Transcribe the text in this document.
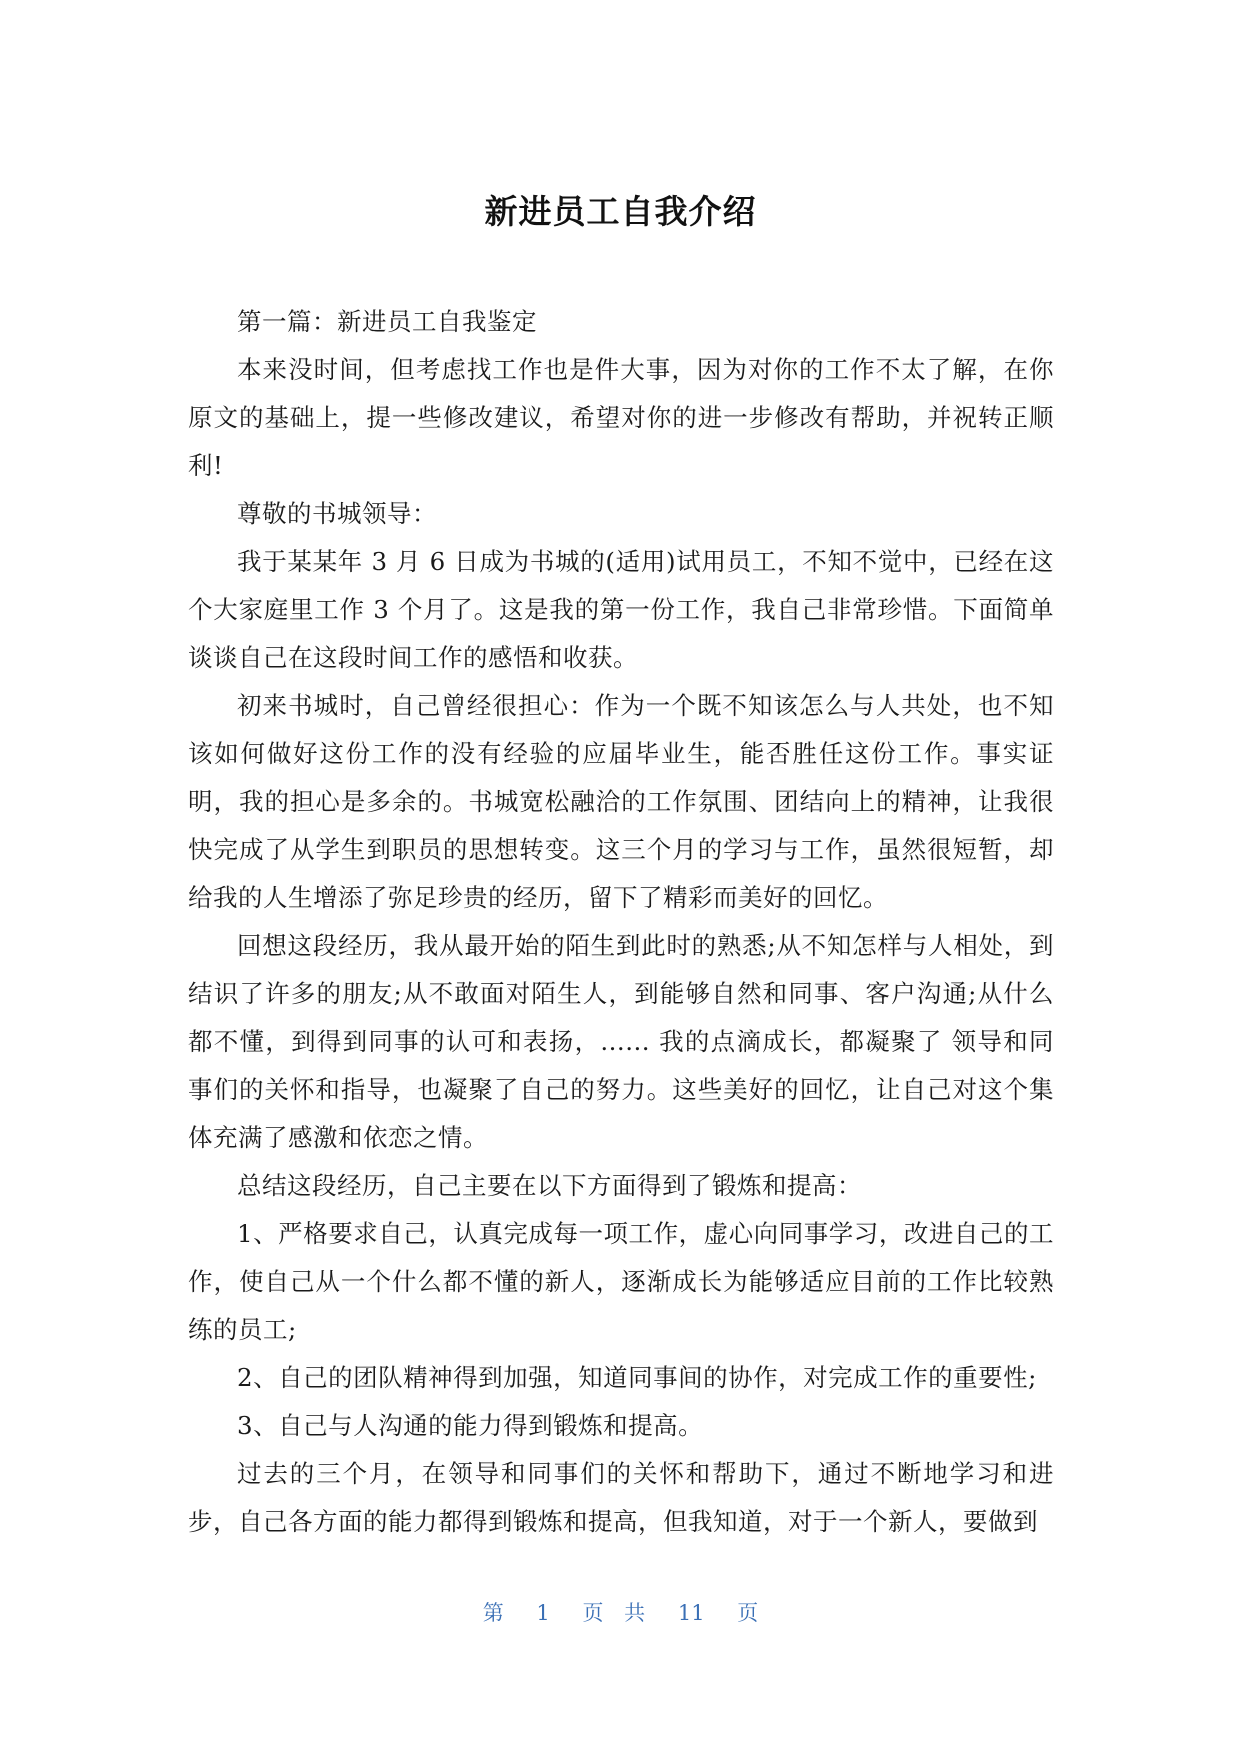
新进员工自我介绍

第一篇：新进员工自我鉴定

本来没时间，但考虑找工作也是件大事，因为对你的工作不太了解，在你原文的基础上，提一些修改建议，希望对你的进一步修改有帮助，并祝转正顺利!

尊敬的书城领导：

我于某某年 3 月 6 日成为书城的(适用)试用员工，不知不觉中，已经在这个大家庭里工作 3 个月了。这是我的第一份工作，我自己非常珍惜。下面简单谈谈自己在这段时间工作的感悟和收获。

初来书城时，自己曾经很担心：作为一个既不知该怎么与人共处，也不知该如何做好这份工作的没有经验的应届毕业生，能否胜任这份工作。事实证明，我的担心是多余的。书城宽松融洽的工作氛围、团结向上的精神，让我很快完成了从学生到职员的思想转变。这三个月的学习与工作，虽然很短暂，却给我的人生增添了弥足珍贵的经历，留下了精彩而美好的回忆。

回想这段经历，我从最开始的陌生到此时的熟悉;从不知怎样与人相处，到结识了许多的朋友;从不敢面对陌生人，到能够自然和同事、客户沟通;从什么都不懂，到得到同事的认可和表扬，...... 我的点滴成长，都凝聚了 领导和同事们的关怀和指导，也凝聚了自己的努力。这些美好的回忆，让自己对这个集体充满了感激和依恋之情。

总结这段经历，自己主要在以下方面得到了锻炼和提高：

1、严格要求自己，认真完成每一项工作，虚心向同事学习，改进自己的工作，使自己从一个什么都不懂的新人，逐渐成长为能够适应目前的工作比较熟练的员工;

2、自己的团队精神得到加强，知道同事间的协作，对完成工作的重要性;

3、自己与人沟通的能力得到锻炼和提高。

过去的三个月，在领导和同事们的关怀和帮助下，通过不断地学习和进步，自己各方面的能力都得到锻炼和提高，但我知道，对于一个新人，要做到

第 1 页 共 11 页
